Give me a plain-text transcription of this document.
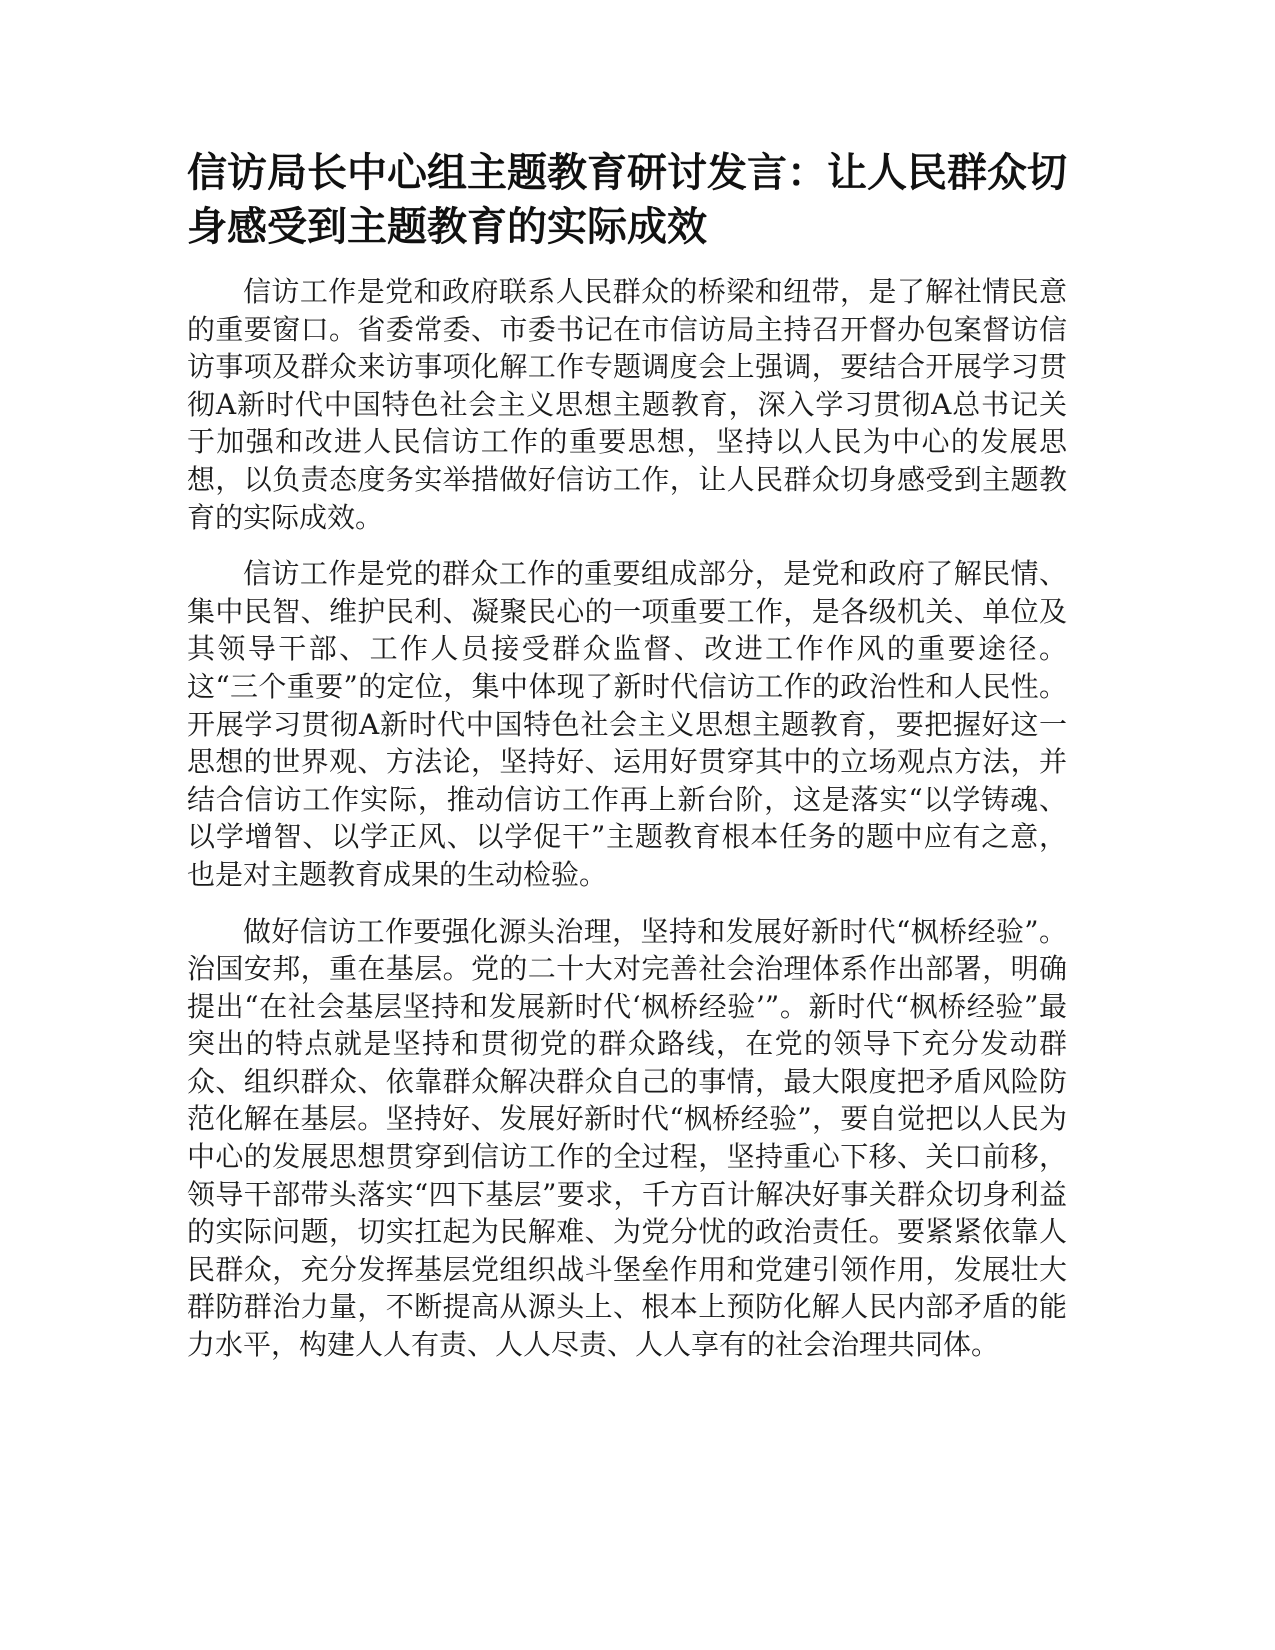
信访局长中心组主题教育研讨发言：让人民群众切身感受到主题教育的实际成效

信访工作是党和政府联系人民群众的桥梁和纽带，是了解社情民意的重要窗口。省委常委、市委书记在市信访局主持召开督办包案督访信访事项及群众来访事项化解工作专题调度会上强调，要结合开展学习贯彻A新时代中国特色社会主义思想主题教育，深入学习贯彻A总书记关于加强和改进人民信访工作的重要思想，坚持以人民为中心的发展思想，以负责态度务实举措做好信访工作，让人民群众切身感受到主题教育的实际成效。

信访工作是党的群众工作的重要组成部分，是党和政府了解民情、集中民智、维护民利、凝聚民心的一项重要工作，是各级机关、单位及其领导干部、工作人员接受群众监督、改进工作作风的重要途径。这“三个重要”的定位，集中体现了新时代信访工作的政治性和人民性。开展学习贯彻A新时代中国特色社会主义思想主题教育，要把握好这一思想的世界观、方法论，坚持好、运用好贯穿其中的立场观点方法，并结合信访工作实际，推动信访工作再上新台阶，这是落实“以学铸魂、以学增智、以学正风、以学促干”主题教育根本任务的题中应有之意，也是对主题教育成果的生动检验。

做好信访工作要强化源头治理，坚持和发展好新时代“枫桥经验”。治国安邦，重在基层。党的二十大对完善社会治理体系作出部署，明确提出“在社会基层坚持和发展新时代‘枫桥经验’”。新时代“枫桥经验”最突出的特点就是坚持和贯彻党的群众路线，在党的领导下充分发动群众、组织群众、依靠群众解决群众自己的事情，最大限度把矛盾风险防范化解在基层。坚持好、发展好新时代“枫桥经验”，要自觉把以人民为中心的发展思想贯穿到信访工作的全过程，坚持重心下移、关口前移，领导干部带头落实“四下基层”要求，千方百计解决好事关群众切身利益的实际问题，切实扛起为民解难、为党分忧的政治责任。要紧紧依靠人民群众，充分发挥基层党组织战斗堡垒作用和党建引领作用，发展壮大群防群治力量，不断提高从源头上、根本上预防化解人民内部矛盾的能力水平，构建人人有责、人人尽责、人人享有的社会治理共同体。
